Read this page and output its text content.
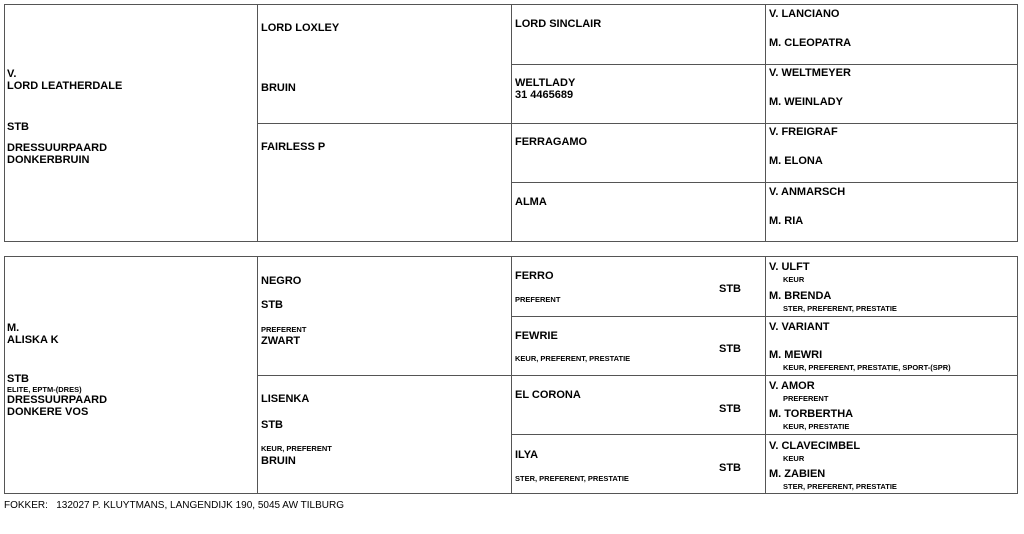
V.
LORD LEATHERDALE
STB
DRESSUURPAARD
DONKERBRUIN
LORD LOXLEY
BRUIN
FAIRLESS P
LORD SINCLAIR
WELTLADY
31 4465689
FERRAGAMO
ALMA
V. LANCIANO
M. CLEOPATRA
V. WELTMEYER
M. WEINLADY
V. FREIGRAF
M. ELONA
V. ANMARSCH
M. RIA
M.
ALISKA K
STB
ELITE, EPTM-(DRES)
DRESSUURPAARD
DONKERE VOS
NEGRO
STB
PREFERENT
ZWART
LISENKA
STB
KEUR, PREFERENT
BRUIN
FERRO
PREFERENT
STB
FEWRIE
KEUR, PREFERENT, PRESTATIE
STB
EL CORONA
STB
ILYA
STER, PREFERENT, PRESTATIE
STB
V. ULFT
KEUR
M. BRENDA
STER, PREFERENT, PRESTATIE
V. VARIANT
M. MEWRI
KEUR, PREFERENT, PRESTATIE, SPORT-(SPR)
V. AMOR
PREFERENT
M. TORBERTHA
KEUR, PRESTATIE
V. CLAVECIMBEL
KEUR
M. ZABIEN
STER, PREFERENT, PRESTATIE
FOKKER: 132027 P. KLUYTMANS, LANGENDIJK 190, 5045 AW TILBURG
